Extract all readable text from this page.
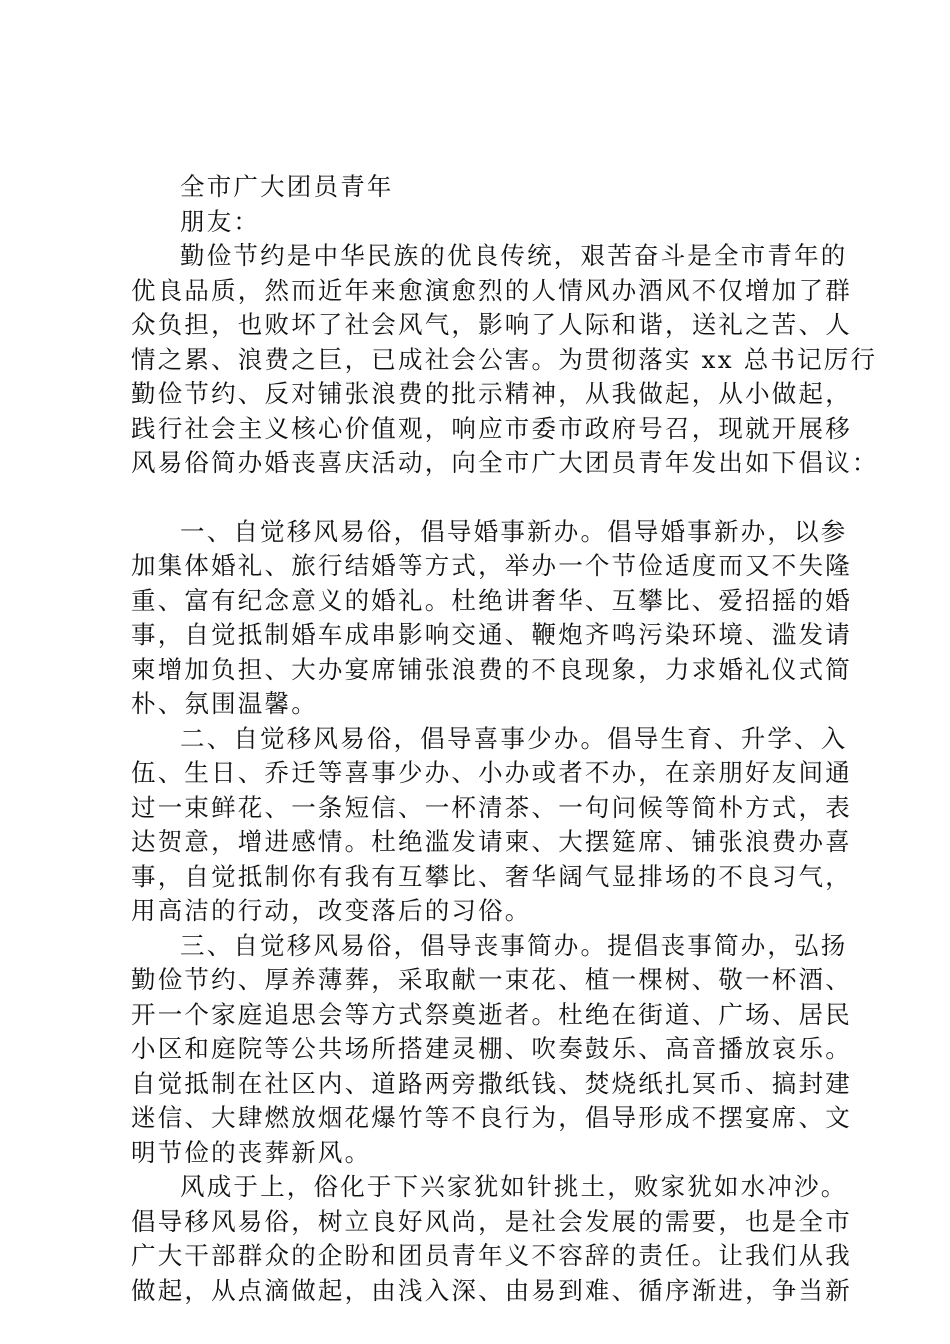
全市广大团员青年
朋友：
勤俭节约是中华民族的优良传统，艰苦奋斗是全市青年的
优良品质，然而近年来愈演愈烈的人情风办酒风不仅增加了群
众负担，也败坏了社会风气，影响了人际和谐，送礼之苦、人
情之累、浪费之巨，已成社会公害。为贯彻落实 xx 总书记厉行
勤俭节约、反对铺张浪费的批示精神，从我做起，从小做起，
践行社会主义核心价值观，响应市委市政府号召，现就开展移
风易俗简办婚丧喜庆活动，向全市广大团员青年发出如下倡议：
一、自觉移风易俗，倡导婚事新办。倡导婚事新办，以参
加集体婚礼、旅行结婚等方式，举办一个节俭适度而又不失隆
重、富有纪念意义的婚礼。杜绝讲奢华、互攀比、爱招摇的婚
事，自觉抵制婚车成串影响交通、鞭炮齐鸣污染环境、滥发请
柬增加负担、大办宴席铺张浪费的不良现象，力求婚礼仪式简
朴、氛围温馨。
二、自觉移风易俗，倡导喜事少办。倡导生育、升学、入
伍、生日、乔迁等喜事少办、小办或者不办，在亲朋好友间通
过一束鲜花、一条短信、一杯清茶、一句问候等简朴方式，表
达贺意，增进感情。杜绝滥发请柬、大摆筵席、铺张浪费办喜
事，自觉抵制你有我有互攀比、奢华阔气显排场的不良习气，
用高洁的行动，改变落后的习俗。
三、自觉移风易俗，倡导丧事简办。提倡丧事简办，弘扬
勤俭节约、厚养薄葬，采取献一束花、植一棵树、敬一杯酒、
开一个家庭追思会等方式祭奠逝者。杜绝在街道、广场、居民
小区和庭院等公共场所搭建灵棚、吹奏鼓乐、高音播放哀乐。
自觉抵制在社区内、道路两旁撒纸钱、焚烧纸扎冥币、搞封建
迷信、大肆燃放烟花爆竹等不良行为，倡导形成不摆宴席、文
明节俭的丧葬新风。
风成于上，俗化于下兴家犹如针挑土，败家犹如水冲沙。
倡导移风易俗，树立良好风尚，是社会发展的需要，也是全市
广大干部群众的企盼和团员青年义不容辞的责任。让我们从我
做起，从点滴做起，由浅入深、由易到难、循序渐进，争当新
